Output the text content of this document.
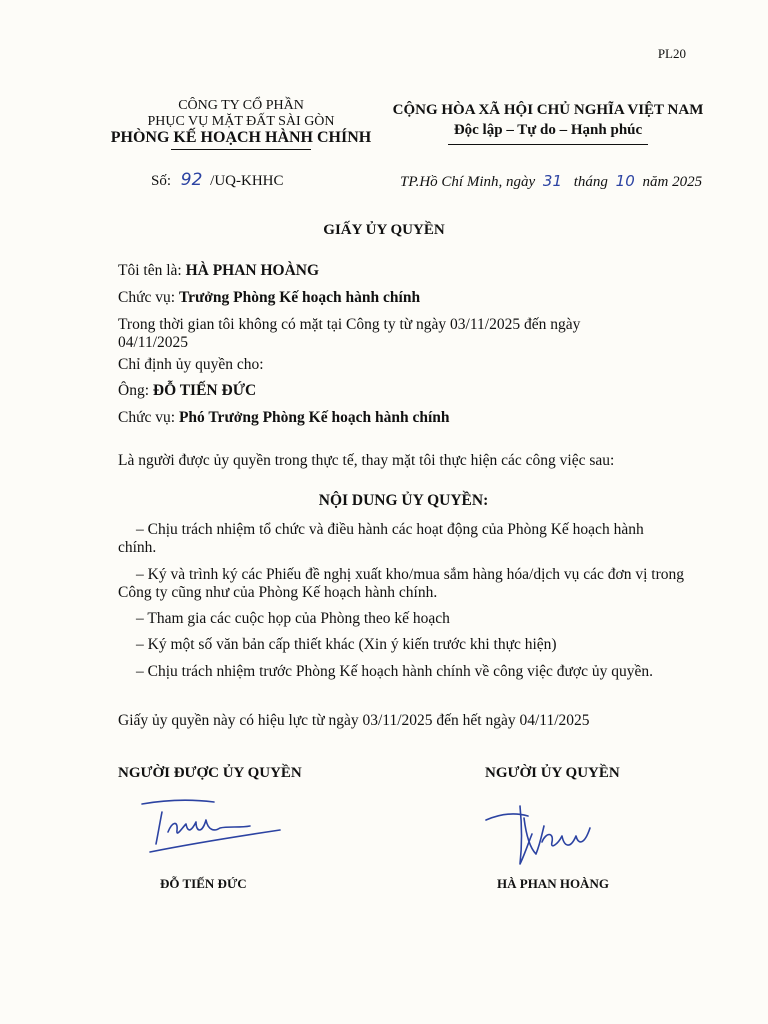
PL20
CÔNG TY CỔ PHẦN
PHỤC VỤ MẶT ĐẤT SÀI GÒN
PHÒNG KẾ HOẠCH HÀNH CHÍNH
CỘNG HÒA XÃ HỘI CHỦ NGHĨA VIỆT NAM
Độc lập – Tự do – Hạnh phúc
Số: 92 /UQ-KHHC	TP.Hồ Chí Minh, ngày 31 tháng 10 năm 2025
GIẤY ỦY QUYỀN
Tôi tên là: HÀ PHAN HOÀNG
Chức vụ: Trưởng Phòng Kế hoạch hành chính
Trong thời gian tôi không có mặt tại Công ty từ ngày 03/11/2025 đến ngày 04/11/2025
Chỉ định ủy quyền cho:
Ông: ĐỖ TIẾN ĐỨC
Chức vụ: Phó Trưởng Phòng Kế hoạch hành chính
Là người được ủy quyền trong thực tế, thay mặt tôi thực hiện các công việc sau:
NỘI DUNG ỦY QUYỀN:
– Chịu trách nhiệm tổ chức và điều hành các hoạt động của Phòng Kế hoạch hành chính.
– Ký và trình ký các Phiếu đề nghị xuất kho/mua sắm hàng hóa/dịch vụ các đơn vị trong Công ty cũng như của Phòng Kế hoạch hành chính.
– Tham gia các cuộc họp của Phòng theo kế hoạch
– Ký một số văn bản cấp thiết khác (Xin ý kiến trước khi thực hiện)
– Chịu trách nhiệm trước Phòng Kế hoạch hành chính về công việc được ủy quyền.
Giấy ủy quyền này có hiệu lực từ ngày 03/11/2025 đến hết ngày 04/11/2025
NGƯỜI ĐƯỢC ỦY QUYỀN	NGƯỜI ỦY QUYỀN
ĐỖ TIẾN ĐỨC	HÀ PHAN HOÀNG
